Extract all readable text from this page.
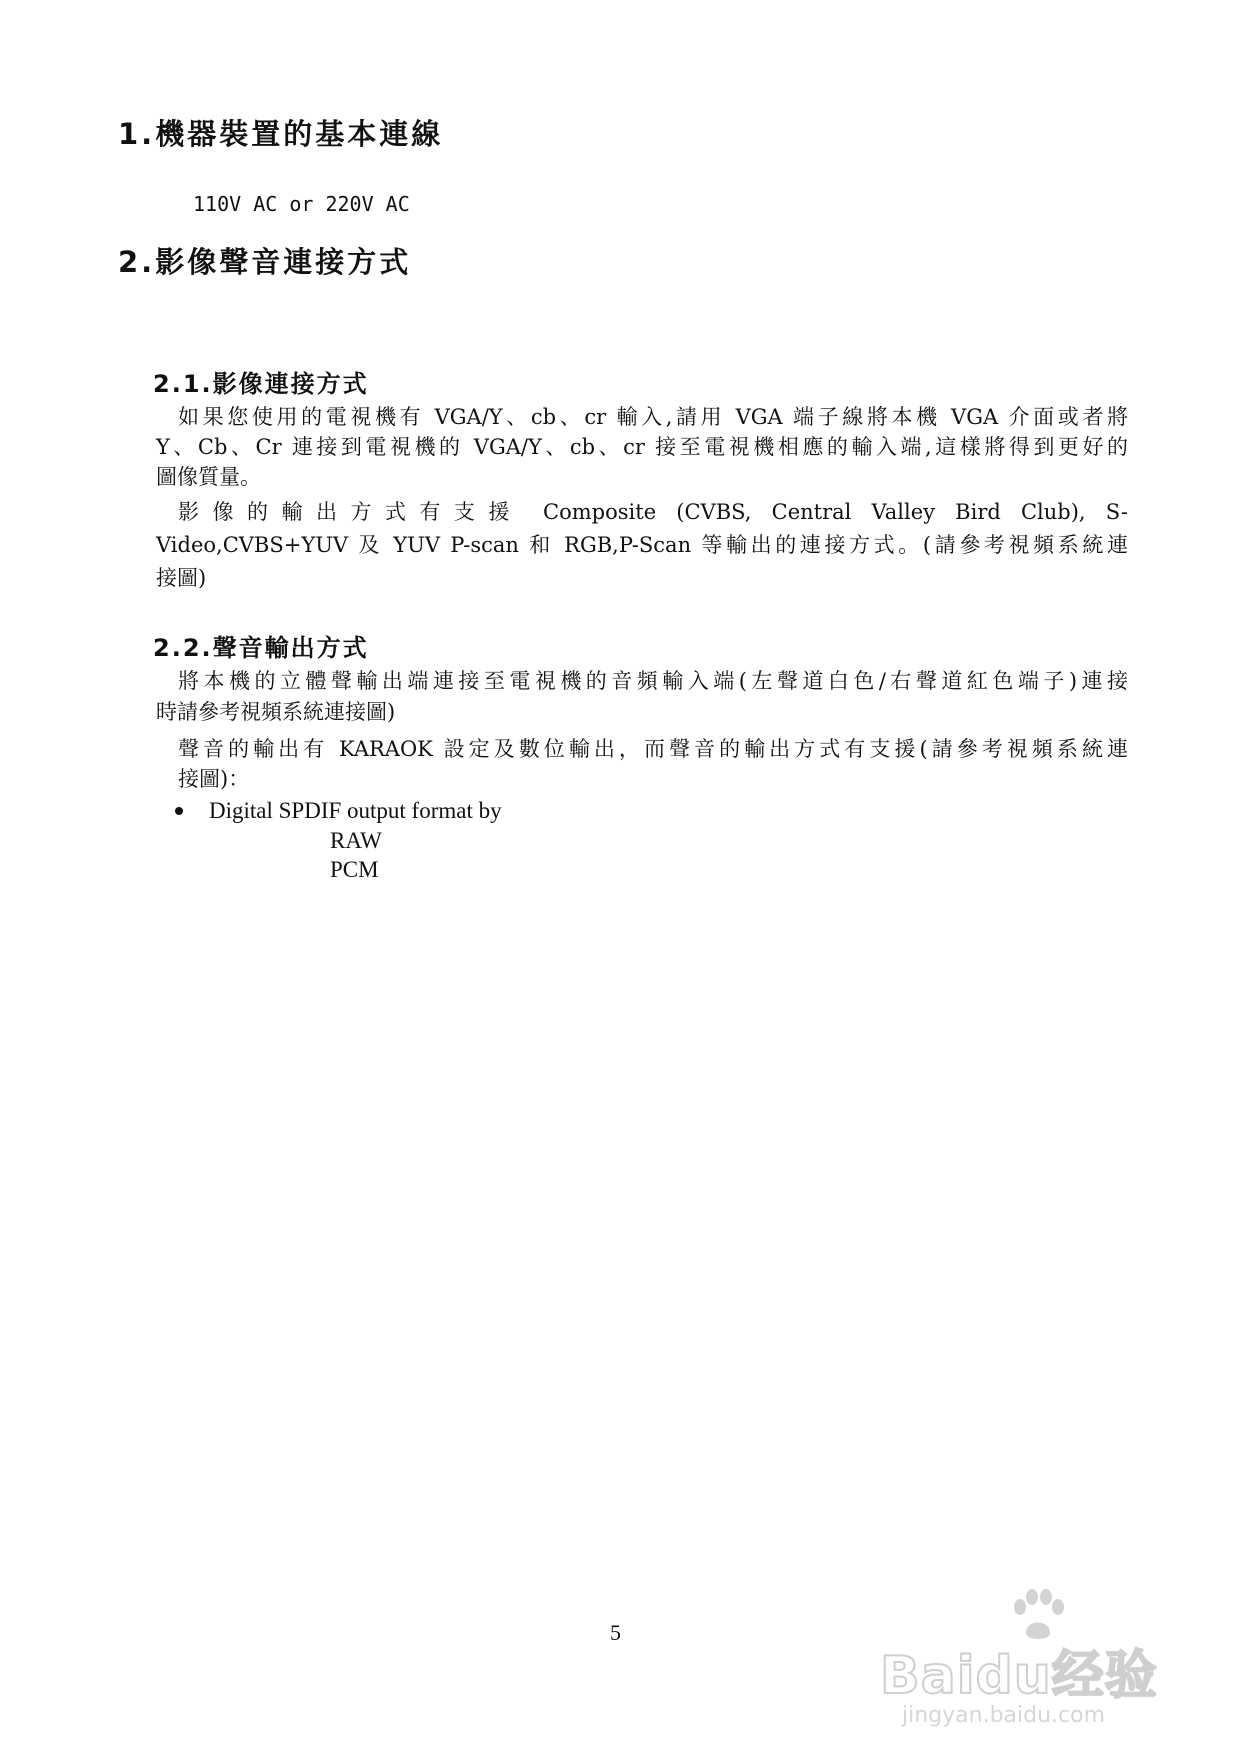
1.機器裝置的基本連線
110V AC or 220V AC
2.影像聲音連接方式
2.1.影像連接方式
如果您使用的電視機有 VGA/Y、cb、cr 輸入,請用 VGA 端子線將本機 VGA 介面或者將
Y、Cb、Cr 連接到電視機的 VGA/Y、cb、cr 接至電視機相應的輸入端,這樣將得到更好的
圖像質量。
影像的輸出方式有支援 Composite (CVBS, Central Valley Bird Club), S-
Video,CVBS+YUV 及 YUV P-scan 和 RGB,P-Scan 等輸出的連接方式。(請參考視頻系統連
接圖)
2.2.聲音輸出方式
將本機的立體聲輸出端連接至電視機的音頻輸入端(左聲道白色/右聲道紅色端子)連接
時請參考視頻系統連接圖)
聲音的輸出有 KARAOK 設定及數位輸出，而聲音的輸出方式有支援(請參考視頻系統連
接圖)：
Digital SPDIF output format by
RAW
PCM
5
Baidu经验
jingyan.baidu.com
